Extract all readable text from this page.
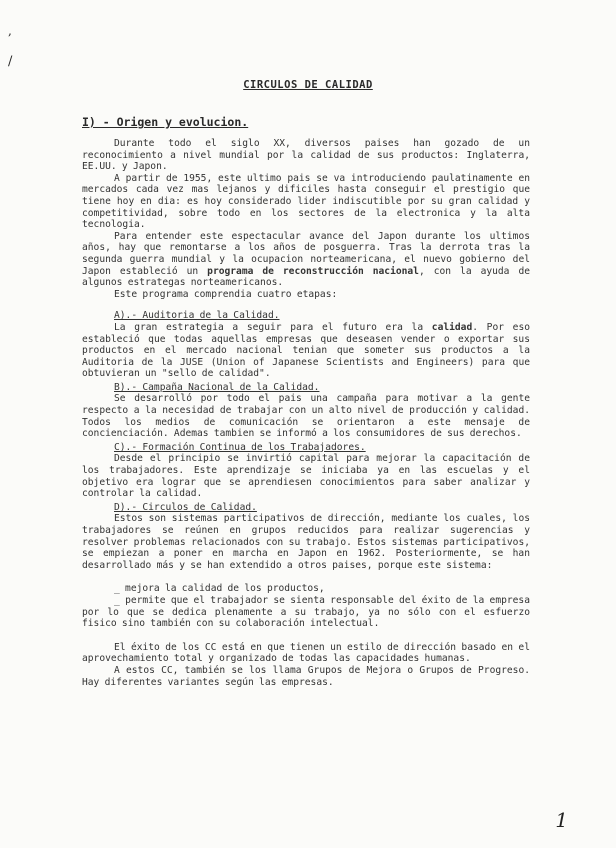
,
/
CIRCULOS DE CALIDAD
I) - Origen y evolucion.

Durante todo el siglo XX, diversos paises han gozado de un reconocimiento a nivel mundial por la calidad de sus productos: Inglaterra, EE.UU. y Japon.

A partir de 1955, este ultimo pais se va introduciendo paulatinamente en mercados cada vez mas lejanos y dificiles hasta conseguir el prestigio que tiene hoy en dia: es hoy considerado lider indiscutible por su gran calidad y competitividad, sobre todo en los sectores de la electronica y la alta tecnologia.

Para entender este espectacular avance del Japon durante los ultimos años, hay que remontarse a los años de posguerra. Tras la derrota tras la segunda guerra mundial y la ocupacion norteamericana, el nuevo gobierno del Japon estableció un programa de reconstrucción nacional, con la ayuda de algunos estrategas norteamericanos.

Este programa comprendia cuatro etapas:

A).- Auditoria de la Calidad.

La gran estrategia a seguir para el futuro era la calidad. Por eso estableció que todas aquellas empresas que deseasen vender o exportar sus productos en el mercado nacional tenian que someter sus productos a la Auditoria de la JUSE (Union of Japanese Scientists and Engineers) para que obtuvieran un "sello de calidad".

B).- Campaña Nacional de la Calidad.

Se desarrolló por todo el pais una campaña para motivar a la gente respecto a la necesidad de trabajar con un alto nivel de producción y calidad. Todos los medios de comunicación se orientaron a este mensaje de concienciación. Ademas tambien se informó a los consumidores de sus derechos.

C).- Formación Continua de los Trabajadores.

Desde el principio se invirtió capital para mejorar la capacitación de los trabajadores. Este aprendizaje se iniciaba ya en las escuelas y el objetivo era lograr que se aprendiesen conocimientos para saber analizar y controlar la calidad.

D).- Circulos de Calidad.

Estos son sistemas participativos de dirección, mediante los cuales, los trabajadores se reúnen en grupos reducidos para realizar sugerencias y resolver problemas relacionados con su trabajo. Estos sistemas participativos, se empiezan a poner en marcha en Japon en 1962. Posteriormente, se han desarrollado más y se han extendido a otros paises, porque este sistema:

_ mejora la calidad de los productos,
_ permite que el trabajador se sienta responsable del éxito de la empresa por lo que se dedica plenamente a su trabajo, ya no sólo con el esfuerzo fisico sino también con su colaboración intelectual.

El éxito de los CC está en que tienen un estilo de dirección basado en el aprovechamiento total y organizado de todas las capacidades humanas.

A estos CC, también se los llama Grupos de Mejora o Grupos de Progreso. Hay diferentes variantes según las empresas.

1
